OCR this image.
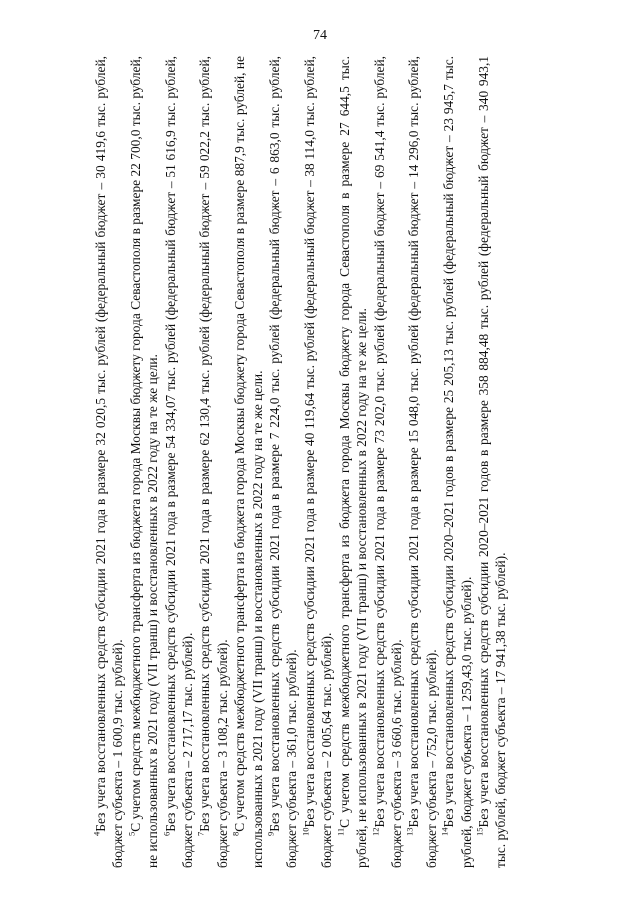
74

$^4$Без учета восстановленных средств субсидии 2021 года в размере 32 020,5 тыс. рублей (федеральный бюджет – 30 419,6 тыс. рублей, бюджет субъекта – 1 600,9 тыс. рублей). $^5$С учетом средств межбюджетного трансферта из бюджета города Москвы бюджету города Севастополя в размере 22 700,0 тыс. рублей, не использованных в 2021 году (VII транш) и восстановленных в 2022 году на те же цели. $^6$Без учета восстановленных средств субсидии 2021 года в размере 54 334,07 тыс. рублей (федеральный бюджет – 51 616,9 тыс. рублей, бюджет субъекта – 2 717,17 тыс. рублей). $^7$Без учета восстановленных средств субсидии 2021 года в размере 62 130,4 тыс. рублей (федеральный бюджет – 59 022,2 тыс. рублей, бюджет субъекта – 3 108,2 тыс. рублей). $^8$С учетом средств межбюджетного трансферта из бюджета города Москвы бюджету города Севастополя в размере 887,9 тыс. рублей, не использованных в 2021 году (VII транш) и восстановленных в 2022 году на те же цели. $^9$Без учета восстановленных средств субсидии 2021 года в размере 7 224,0 тыс. рублей (федеральный бюджет – 6 863,0 тыс. рублей, бюджет субъекта – 361,0 тыс. рублей). $^{10}$Без учета восстановленных средств субсидии 2021 года в размере 40 119,64 тыс. рублей (федеральный бюджет – 38 114,0 тыс. рублей, бюджет субъекта – 2 005,64 тыс. рублей). $^{11}$С учетом средств межбюджетного трансферта из бюджета города Москвы бюджету города Севастополя в размере 27 644,5 тыс. рублей, не использованных в 2021 году (VII транш) и восстановленных в 2022 году на те же цели. $^{12}$Без учета восстановленных средств субсидии 2021 года в размере 73 202,0 тыс. рублей (федеральный бюджет – 69 541,4 тыс. рублей, бюджет субъекта – 3 660,6 тыс. рублей). $^{13}$Без учета восстановленных средств субсидии 2021 года в размере 15 048,0 тыс. рублей (федеральный бюджет – 14 296,0 тыс. рублей, бюджет субъекта – 752,0 тыс. рублей). $^{14}$Без учета восстановленных средств субсидии 2020–2021 годов в размере 25 205,13 тыс. рублей (федеральный бюджет – 23 945,7 тыс. рублей, бюджет субъекта – 1 259,43,0 тыс. рублей). $^{15}$Без учета восстановленных средств субсидии 2020–2021 годов в размере 358 884,48 тыс. рублей (федеральный бюджет – 340 943,1 тыс. рублей, бюджет субъекта – 17 941,38 тыс. рублей).
